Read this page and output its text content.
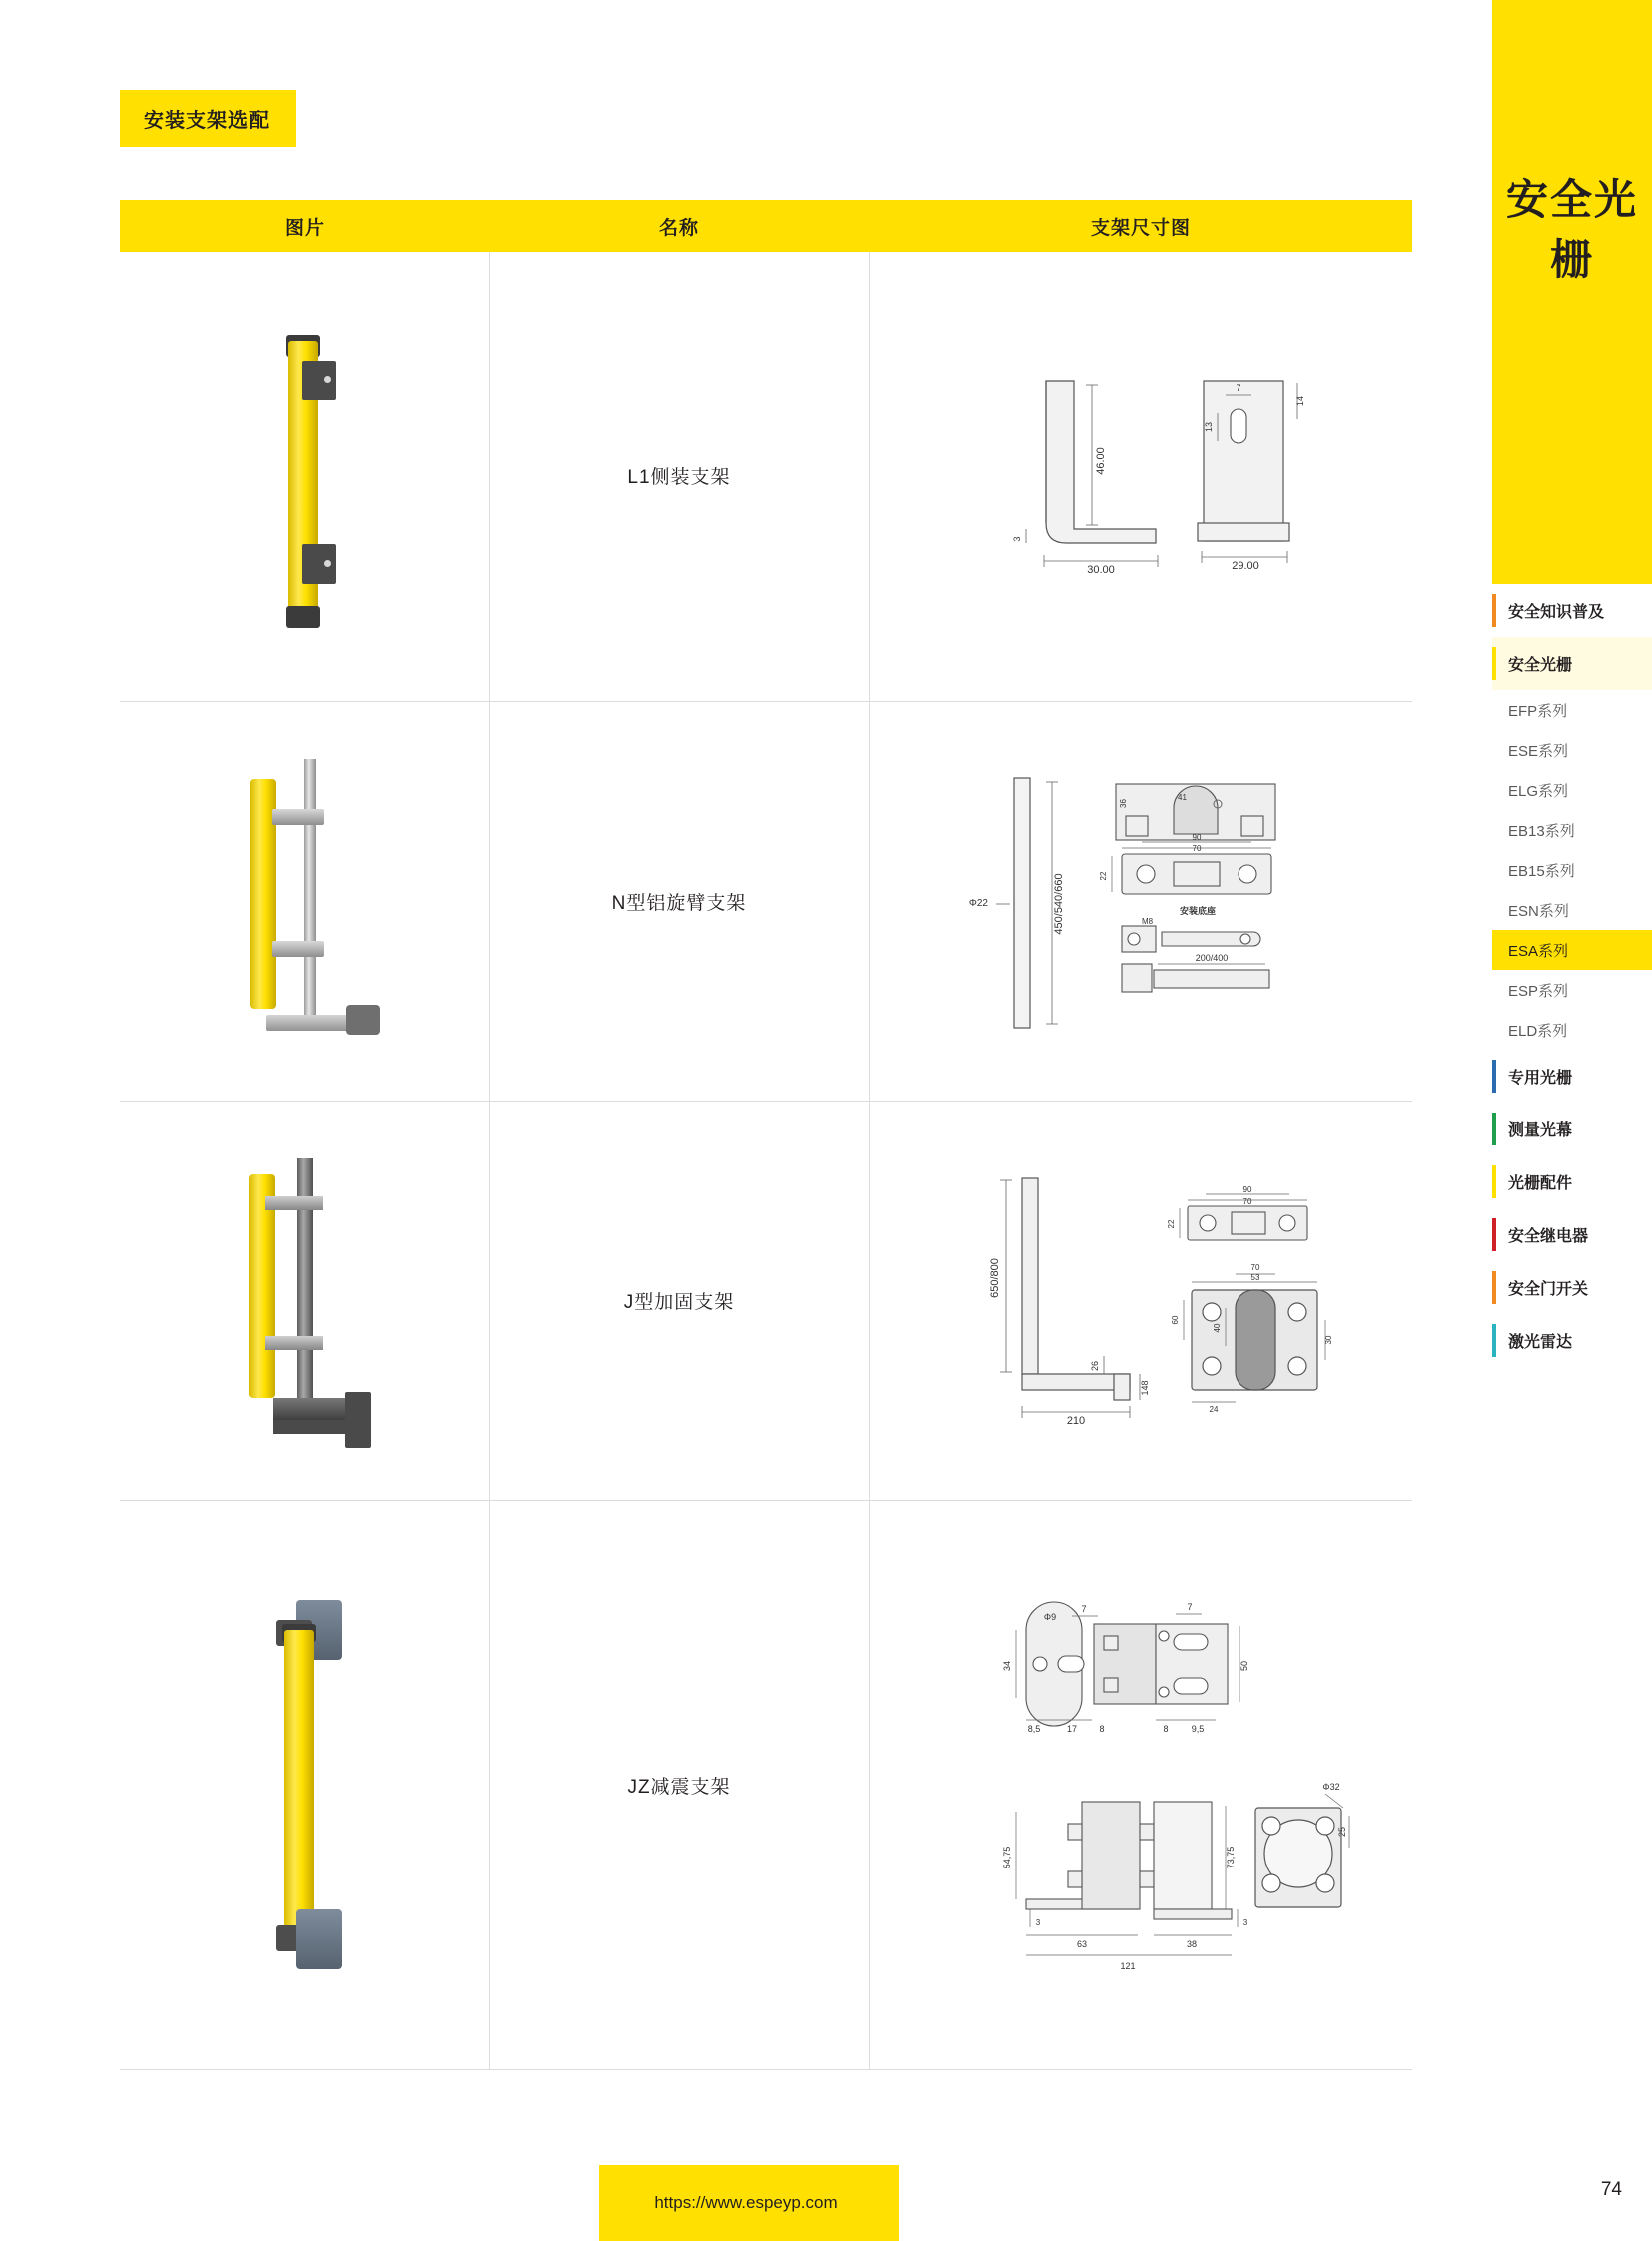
安装支架选配
图片	名称	支架尺寸图

L1侧装支架

46.00
30.00
3
29.00
7
14
13

N型铝旋臂支架	450/540/660
Φ22
41
36
90
70
22
安装底座
M8
200/400

J型加固支架

650/800
210
148
26
90
70
22
70
53
60
40
30
24

JZ减震支架

34	50
8,5	17 8	8	9,5
7	7
Φ9
54,75	73,75
63	38
121
3	3
Φ32
25
https://www.espeyp.com
安全光栅
安全知识普及
安全光栅
EFP系列
ESE系列
ELG系列
EB13系列
EB15系列
ESN系列
ESA系列
ESP系列
ELD系列
专用光栅
测量光幕
光栅配件
安全继电器
安全门开关
激光雷达
74
